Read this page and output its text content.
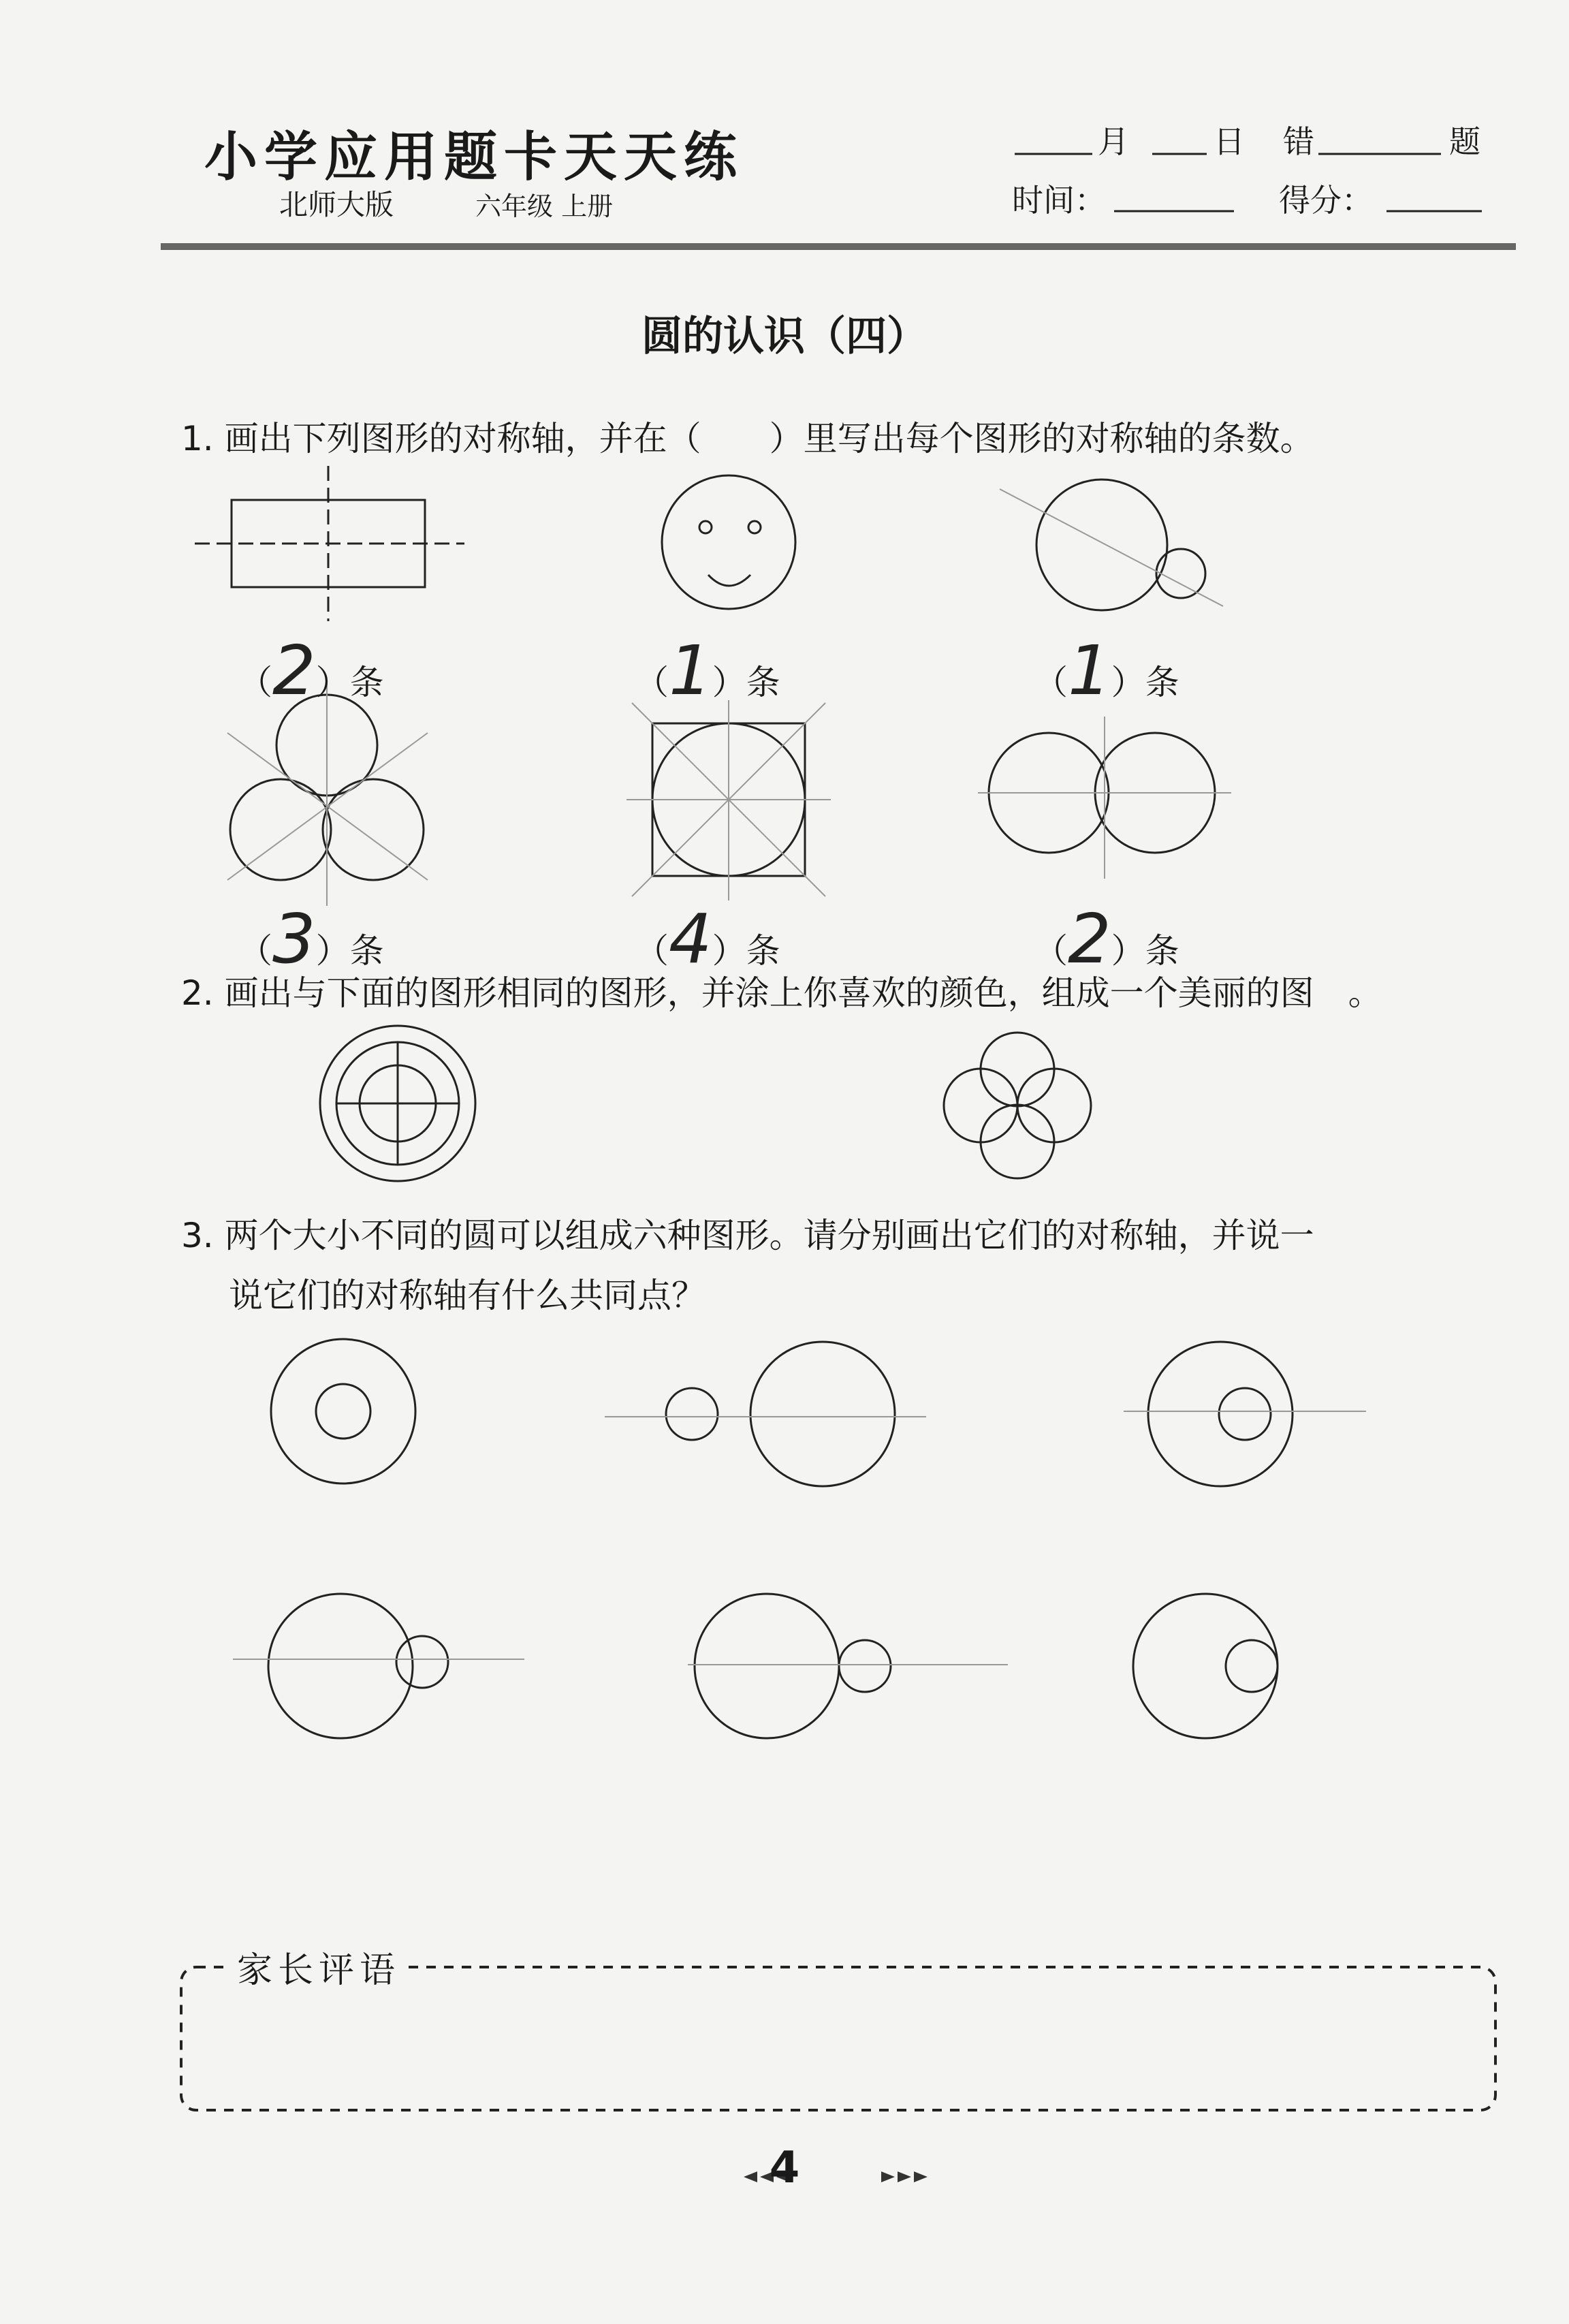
小学应用题卡天天练
北师大版	六年级 上册
月	日 错	题
时间：	得分：
圆的认识（四）
1. 画出下列图形的对称轴，并在（　　）里写出每个图形的对称轴的条数。
（2）条	（1）条	（1）条
（3）条	（4）条	（2）条
2. 画出与下面的图形相同的图形，并涂上你喜欢的颜色，组成一个美丽的图　。
3. 两个大小不同的圆可以组成六种图形。请分别画出它们的对称轴，并说一
说它们的对称轴有什么共同点？
家长评语
4
